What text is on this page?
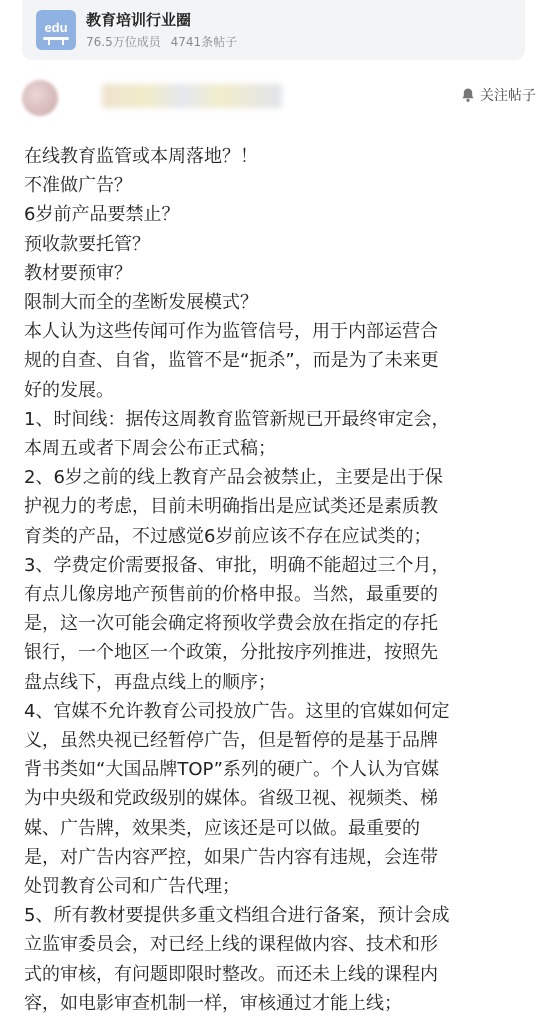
edu 教育培训行业圈
76.5万位成员 4741条帖子
关注帖子
在线教育监管或本周落地？！
不准做广告？
6岁前产品要禁止？
预收款要托管？
教材要预审？
限制大而全的垄断发展模式？
本人认为这些传闻可作为监管信号，用于内部运营合
规的自查、自省，监管不是“扼杀”，而是为了未来更
好的发展。
1、时间线：据传这周教育监管新规已开最终审定会，
本周五或者下周会公布正式稿；
2、6岁之前的线上教育产品会被禁止，主要是出于保
护视力的考虑，目前未明确指出是应试类还是素质教
育类的产品，不过感觉6岁前应该不存在应试类的；
3、学费定价需要报备、审批，明确不能超过三个月，
有点儿像房地产预售前的价格申报。当然，最重要的
是，这一次可能会确定将预收学费会放在指定的存托
银行，一个地区一个政策，分批按序列推进，按照先
盘点线下，再盘点线上的顺序；
4、官媒不允许教育公司投放广告。这里的官媒如何定
义，虽然央视已经暂停广告，但是暂停的是基于品牌
背书类如“大国品牌TOP”系列的硬广。个人认为官媒
为中央级和党政级别的媒体。省级卫视、视频类、梯
媒、广告牌，效果类，应该还是可以做。最重要的
是，对广告内容严控，如果广告内容有违规，会连带
处罚教育公司和广告代理；
5、所有教材要提供多重文档组合进行备案，预计会成
立监审委员会，对已经上线的课程做内容、技术和形
式的审核，有问题即限时整改。而还未上线的课程内
容，如电影审查机制一样，审核通过才能上线；
